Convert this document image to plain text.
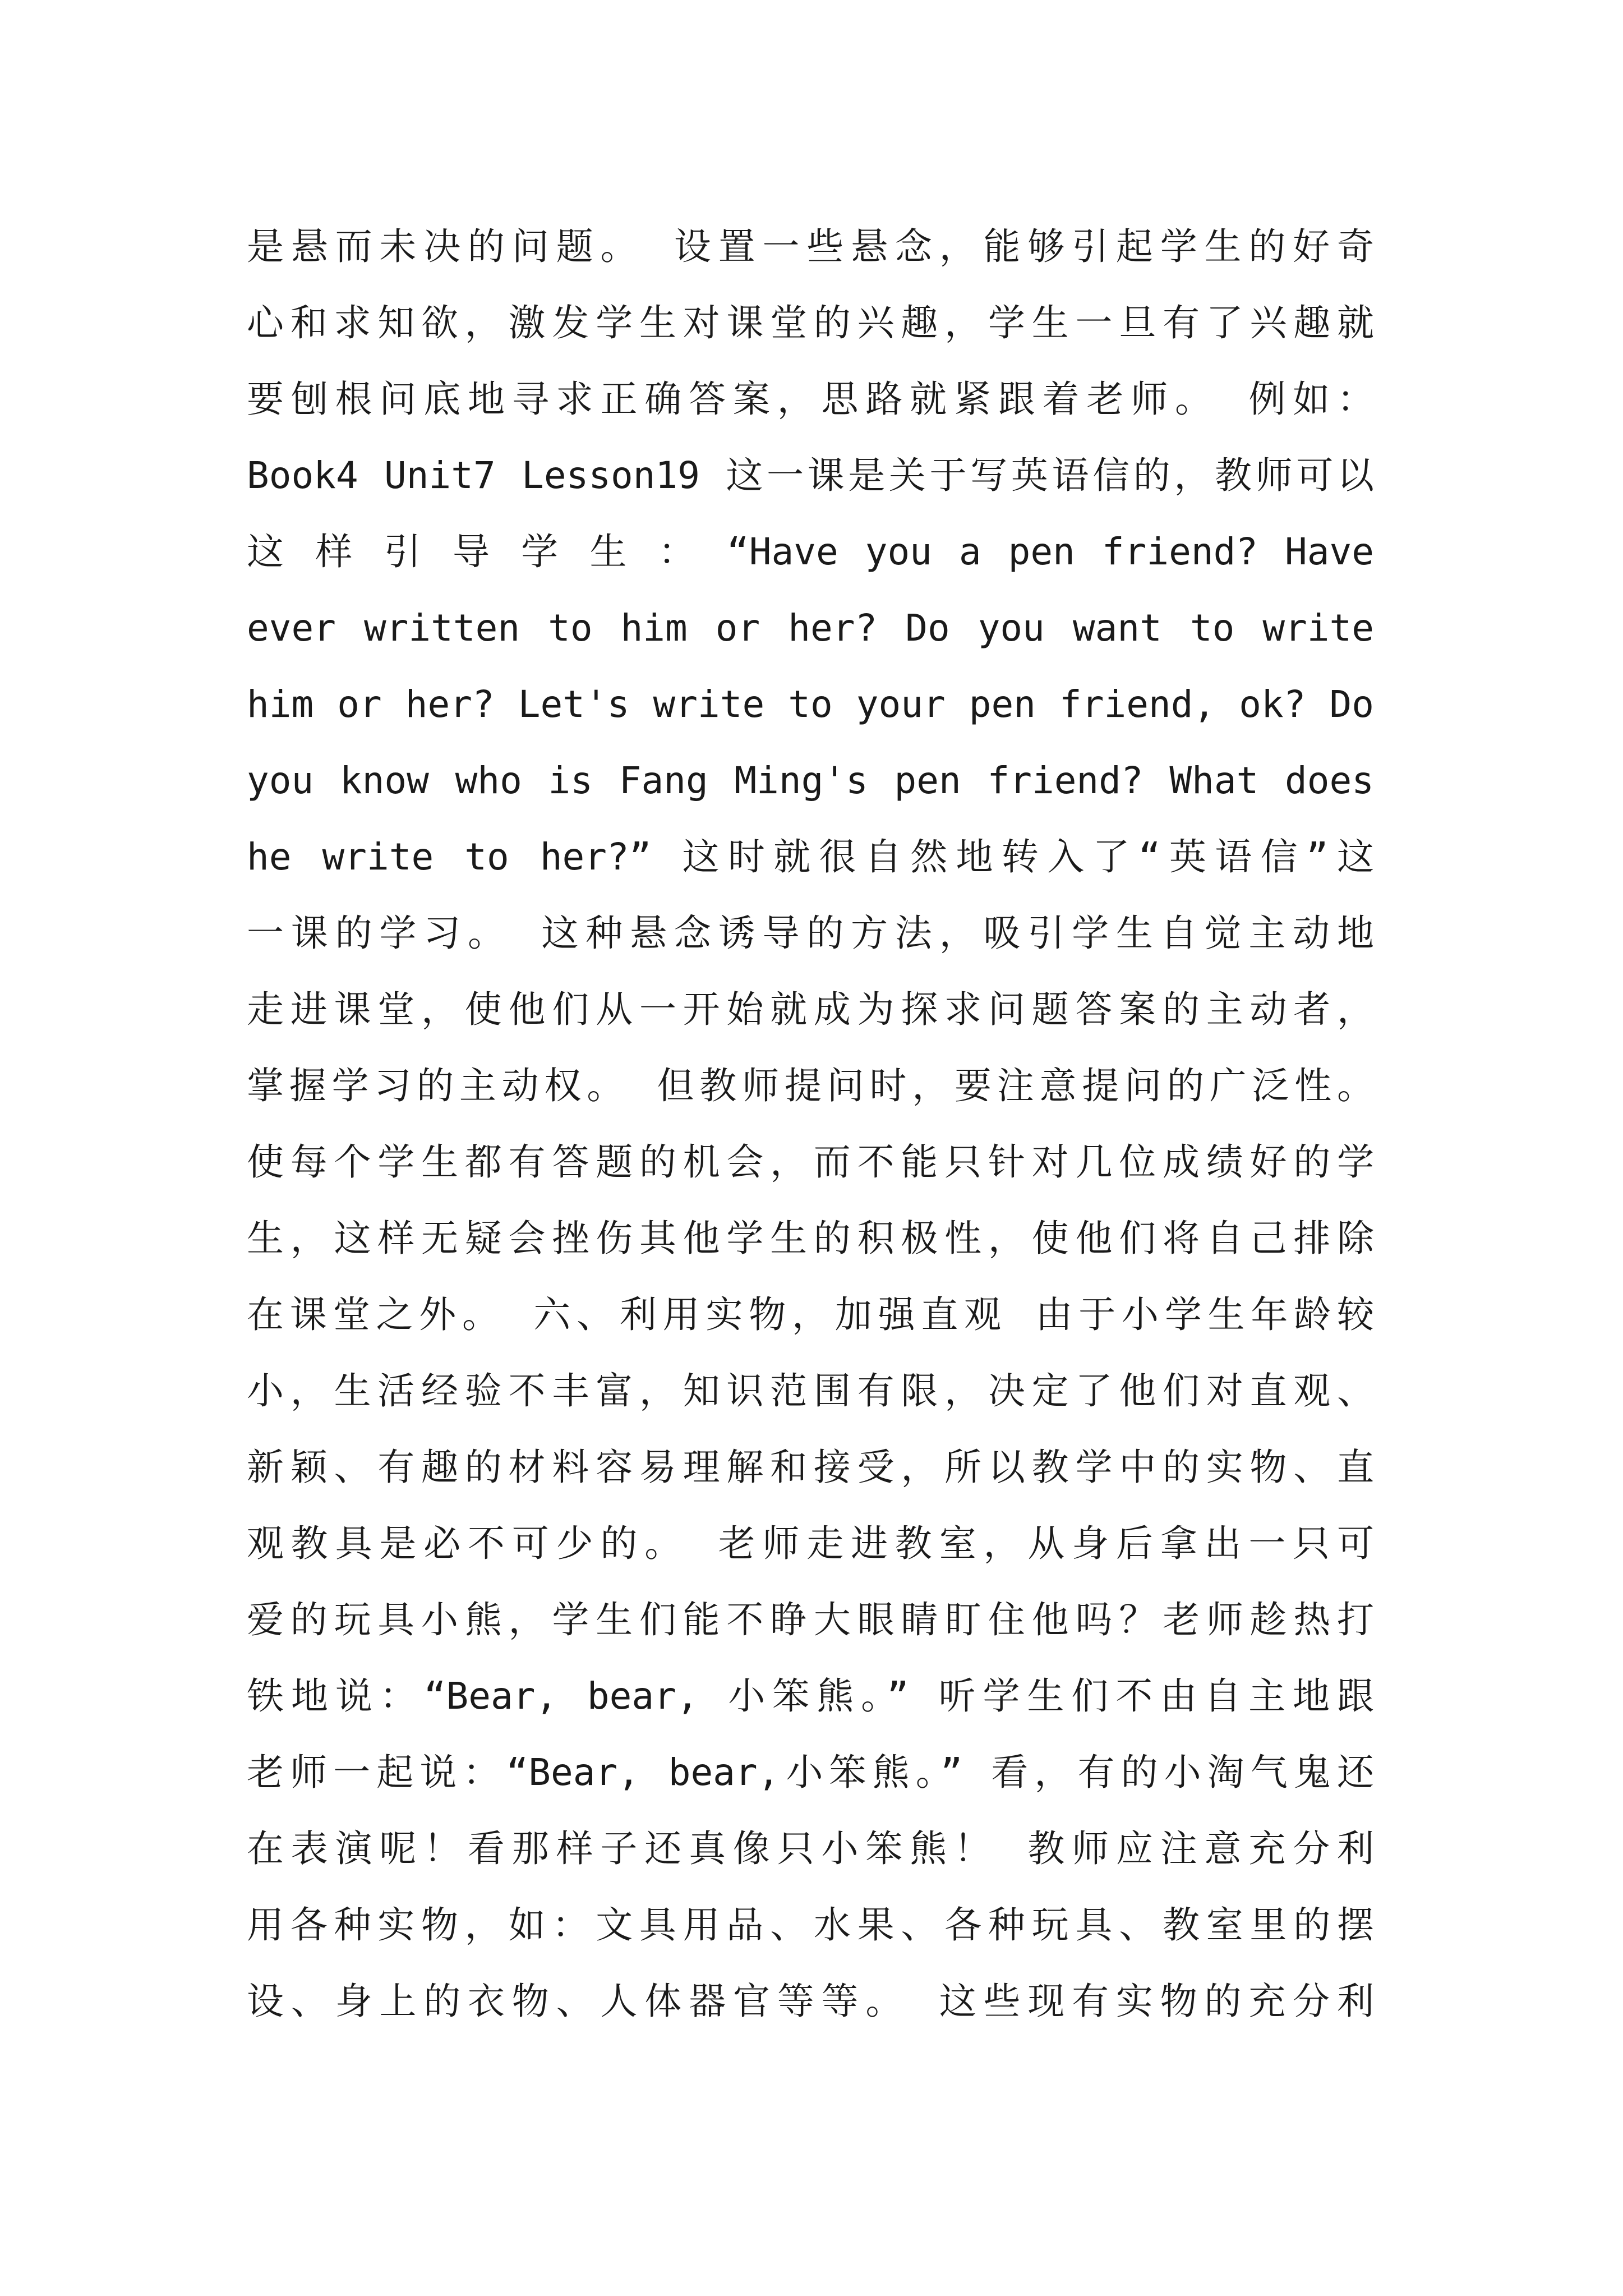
是悬而未决的问题。 设置一些悬念，能够引起学生的好奇
心和求知欲，激发学生对课堂的兴趣，学生一旦有了兴趣就
要刨根问底地寻求正确答案，思路就紧跟着老师。 例如：
Book4 Unit7 Lesson19 这一课是关于写英语信的，教师可以
这 样 引 导 学 生 ： “Have you a pen friend? Have
ever written to him or her? Do you want to write
him or her? Let's write to your pen friend, ok? Do
you know who is Fang Ming's pen friend? What does
he write to her?” 这时就很自然地转入了“英语信”这
一课的学习。 这种悬念诱导的方法，吸引学生自觉主动地
走进课堂，使他们从一开始就成为探求问题答案的主动者，
掌握学习的主动权。 但教师提问时，要注意提问的广泛性。
使每个学生都有答题的机会，而不能只针对几位成绩好的学
生，这样无疑会挫伤其他学生的积极性，使他们将自己排除
在课堂之外。 六、利用实物，加强直观 由于小学生年龄较
小，生活经验不丰富，知识范围有限，决定了他们对直观、
新颖、有趣的材料容易理解和接受，所以教学中的实物、直
观教具是必不可少的。 老师走进教室，从身后拿出一只可
爱的玩具小熊，学生们能不睁大眼睛盯住他吗？老师趁热打
铁地说：“Bear, bear, 小笨熊。” 听学生们不由自主地跟
老师一起说：“Bear, bear,小笨熊。” 看，有的小淘气鬼还
在表演呢！看那样子还真像只小笨熊！ 教师应注意充分利
用各种实物，如：文具用品、水果、各种玩具、教室里的摆
设、身上的衣物、人体器官等等。 这些现有实物的充分利
